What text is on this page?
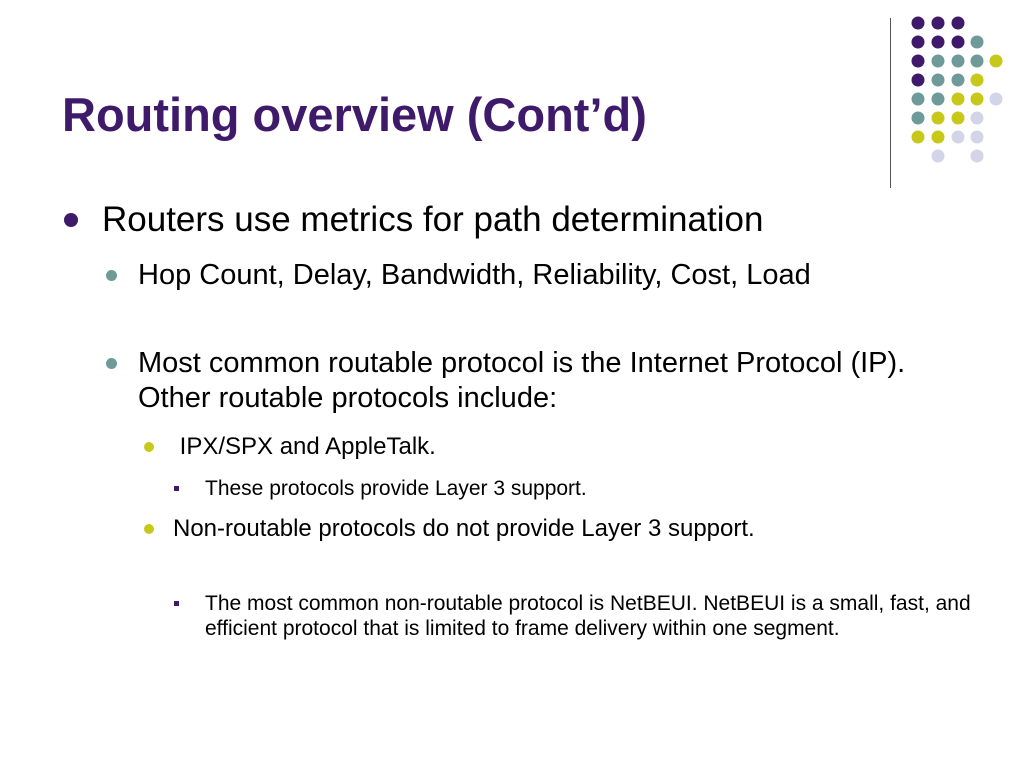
Routing overview (Cont’d)
Routers use metrics for path determination
Hop Count, Delay, Bandwidth, Reliability, Cost, Load
Most common routable protocol is the Internet Protocol (IP). Other routable protocols include:
IPX/SPX and AppleTalk.
These protocols provide Layer 3 support.
Non-routable protocols do not provide Layer 3 support.
The most common non-routable protocol is NetBEUI. NetBEUI is a small, fast, and efficient protocol that is limited to frame delivery within one segment.
